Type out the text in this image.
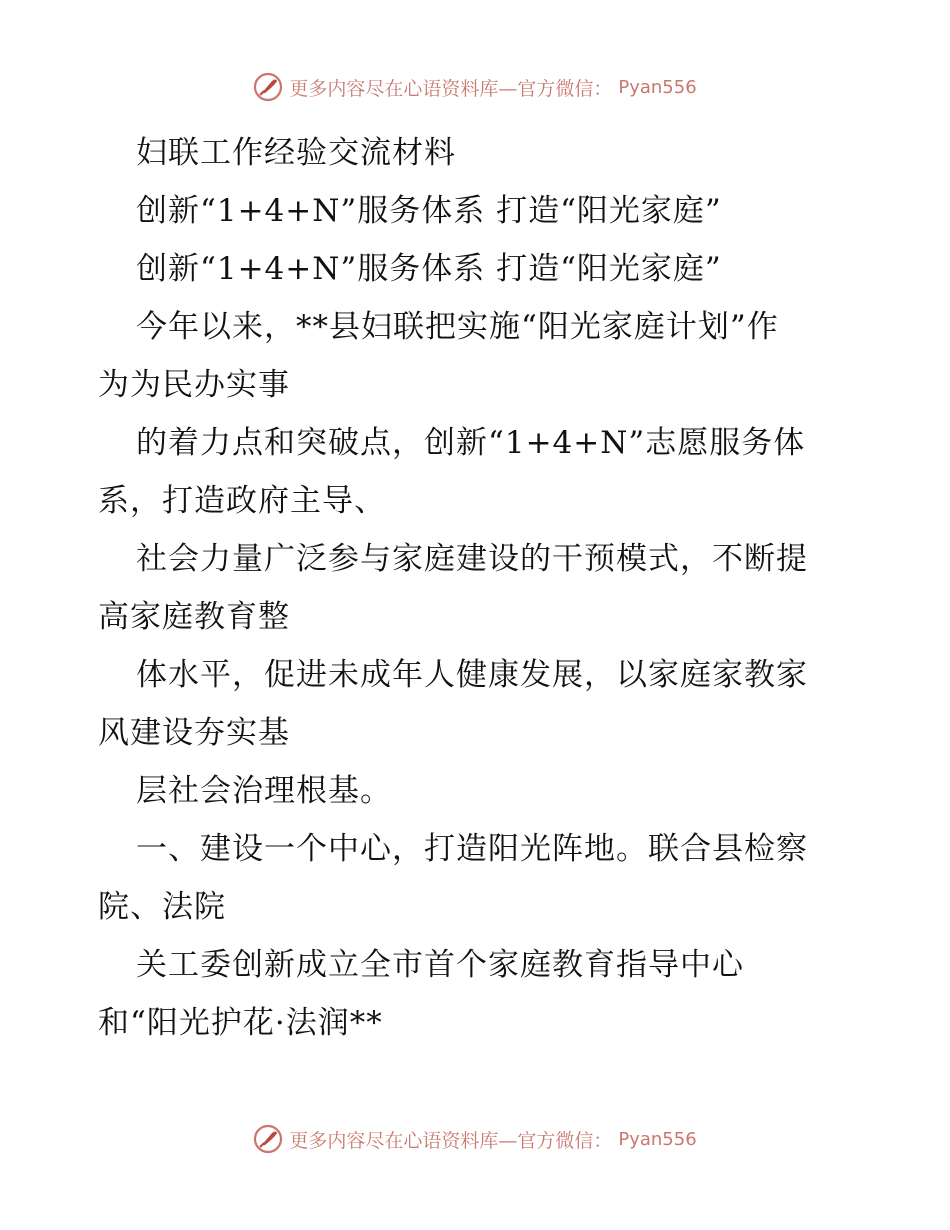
更多内容尽在心语资料库—官方微信： Pyan556
妇联工作经验交流材料
创新“1+4+N”服务体系 打造“阳光家庭”
创新“1+4+N”服务体系 打造“阳光家庭”
今年以来，**县妇联把实施“阳光家庭计划”作
为为民办实事
的着力点和突破点，创新“1+4+N”志愿服务体
系，打造政府主导、
社会力量广泛参与家庭建设的干预模式，不断提
高家庭教育整
体水平，促进未成年人健康发展，以家庭家教家
风建设夯实基
层社会治理根基。
一、建设一个中心，打造阳光阵地。联合县检察
院、法院
关工委创新成立全市首个家庭教育指导中心
和“阳光护花·法润**
更多内容尽在心语资料库—官方微信： Pyan556
